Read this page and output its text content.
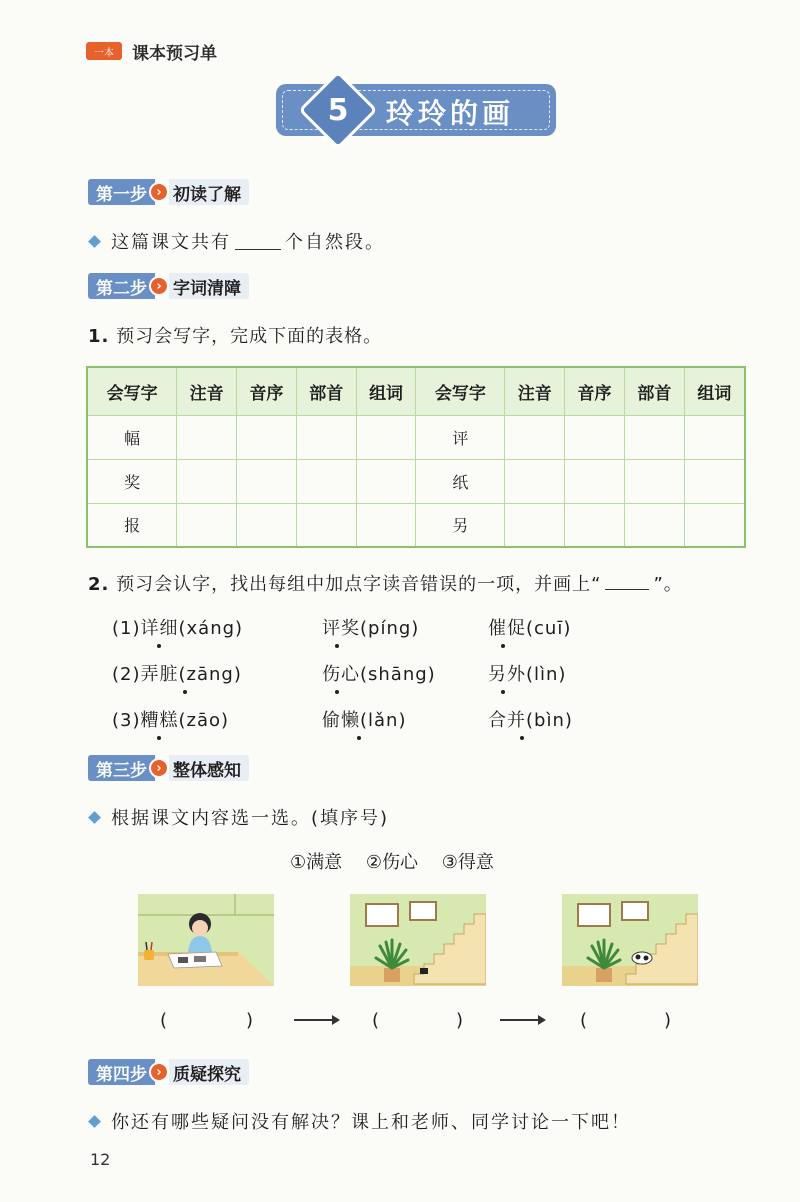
一本	课本预习单
5	玲玲的画
第一步 › 初读了解
这篇课文共有	个自然段。
第二步 › 字词清障
1. 预习会写字，完成下面的表格。
会写字	注音	音序	部首	组词	会写字	注音	音序	部首	组词
幅					评				
奖					纸				
报					另				
2. 预习会认字，找出每组中加点字读音错误的一项，并画上“	”。
(1)详细(xáng)	评奖(píng)	催促(cuī)
(2)弄脏(zāng)	伤心(shāng)	另外(lìn)
(3)糟糕(zāo)	偷懒(lǎn)	合并(bìn)
第三步 › 整体感知
根据课文内容选一选。(填序号)
①满意 ②伤心 ③得意
(	)	(	)	(	)
第四步 › 质疑探究
你还有哪些疑问没有解决？课上和老师、同学讨论一下吧！
12
